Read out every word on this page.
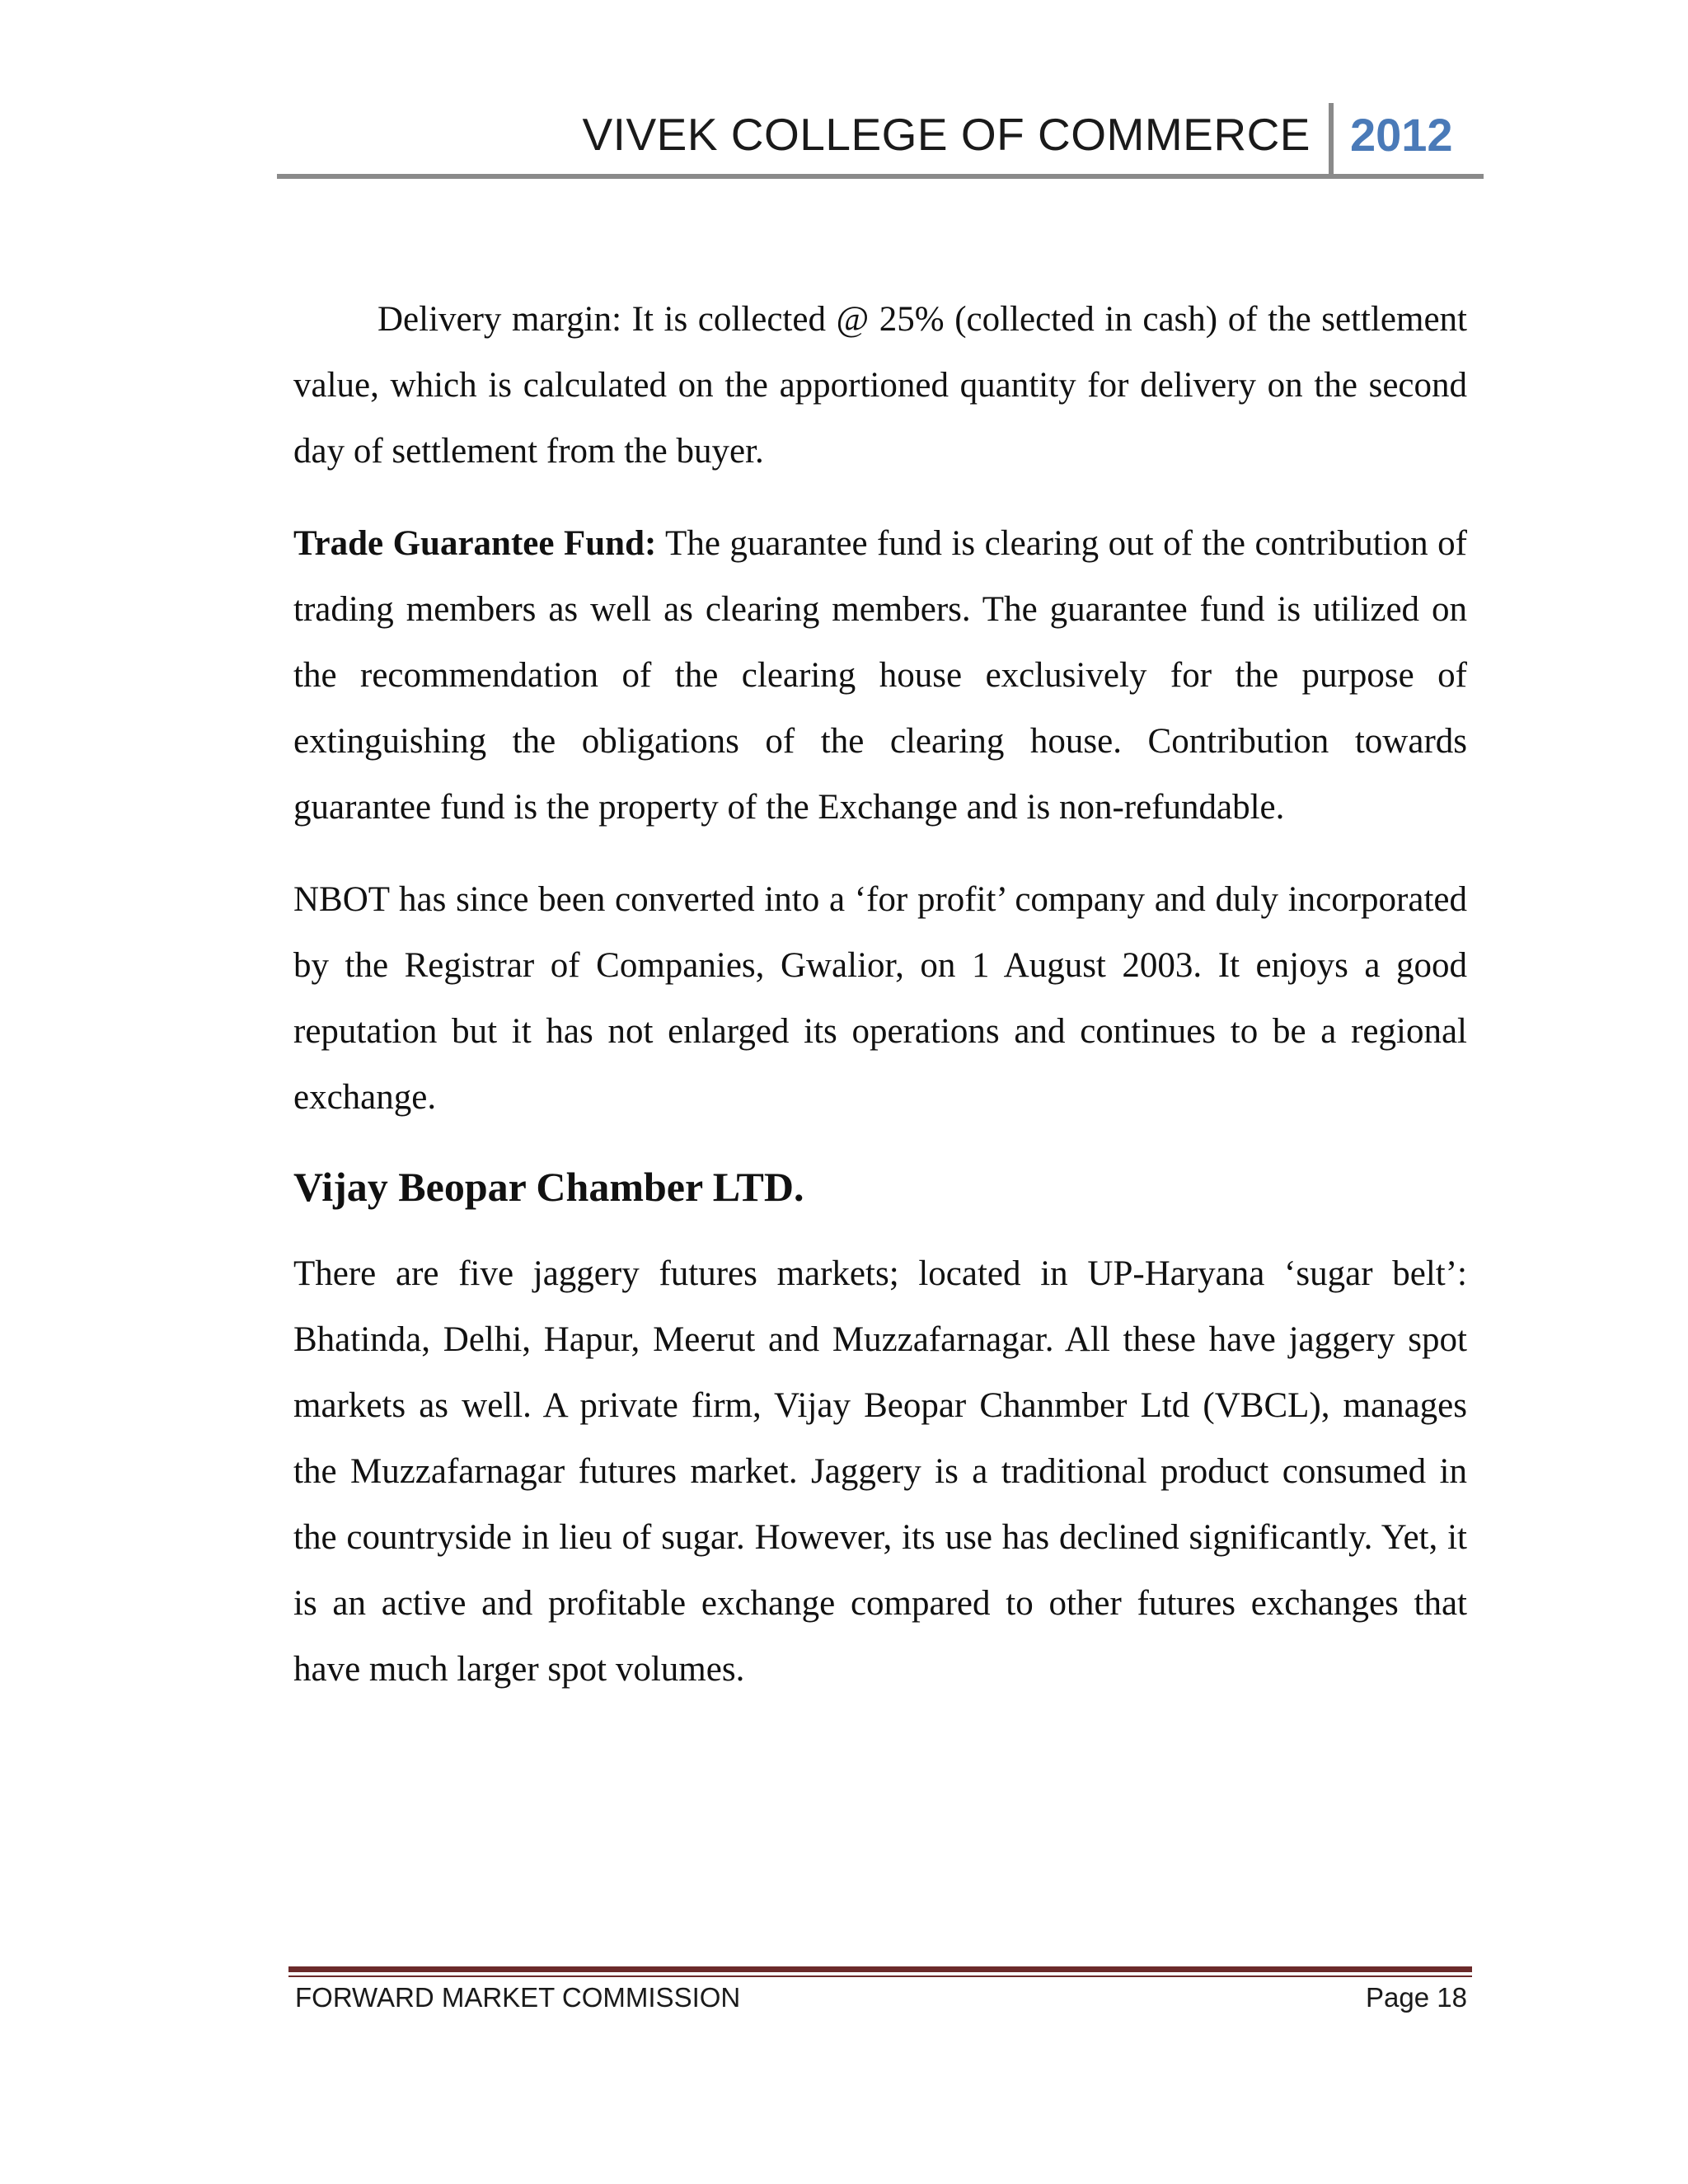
VIVEK COLLEGE OF COMMERCE 2012

Delivery margin: It is collected @ 25% (collected in cash) of the settlement value, which is calculated on the apportioned quantity for delivery on the second day of settlement from the buyer.

Trade Guarantee Fund: The guarantee fund is clearing out of the contribution of trading members as well as clearing members. The guarantee fund is utilized on the recommendation of the clearing house exclusively for the purpose of extinguishing the obligations of the clearing house. Contribution towards guarantee fund is the property of the Exchange and is non-refundable.

NBOT has since been converted into a ‘for profit’ company and duly incorporated by the Registrar of Companies, Gwalior, on 1 August 2003. It enjoys a good reputation but it has not enlarged its operations and continues to be a regional exchange.

Vijay Beopar Chamber LTD.

There are five jaggery futures markets; located in UP-Haryana ‘sugar belt’: Bhatinda, Delhi, Hapur, Meerut and Muzzafarnagar. All these have jaggery spot markets as well. A private firm, Vijay Beopar Chanmber Ltd (VBCL), manages the Muzzafarnagar futures market. Jaggery is a traditional product consumed in the countryside in lieu of sugar. However, its use has declined significantly. Yet, it is an active and profitable exchange compared to other futures exchanges that have much larger spot volumes.

FORWARD MARKET COMMISSION	Page 18
